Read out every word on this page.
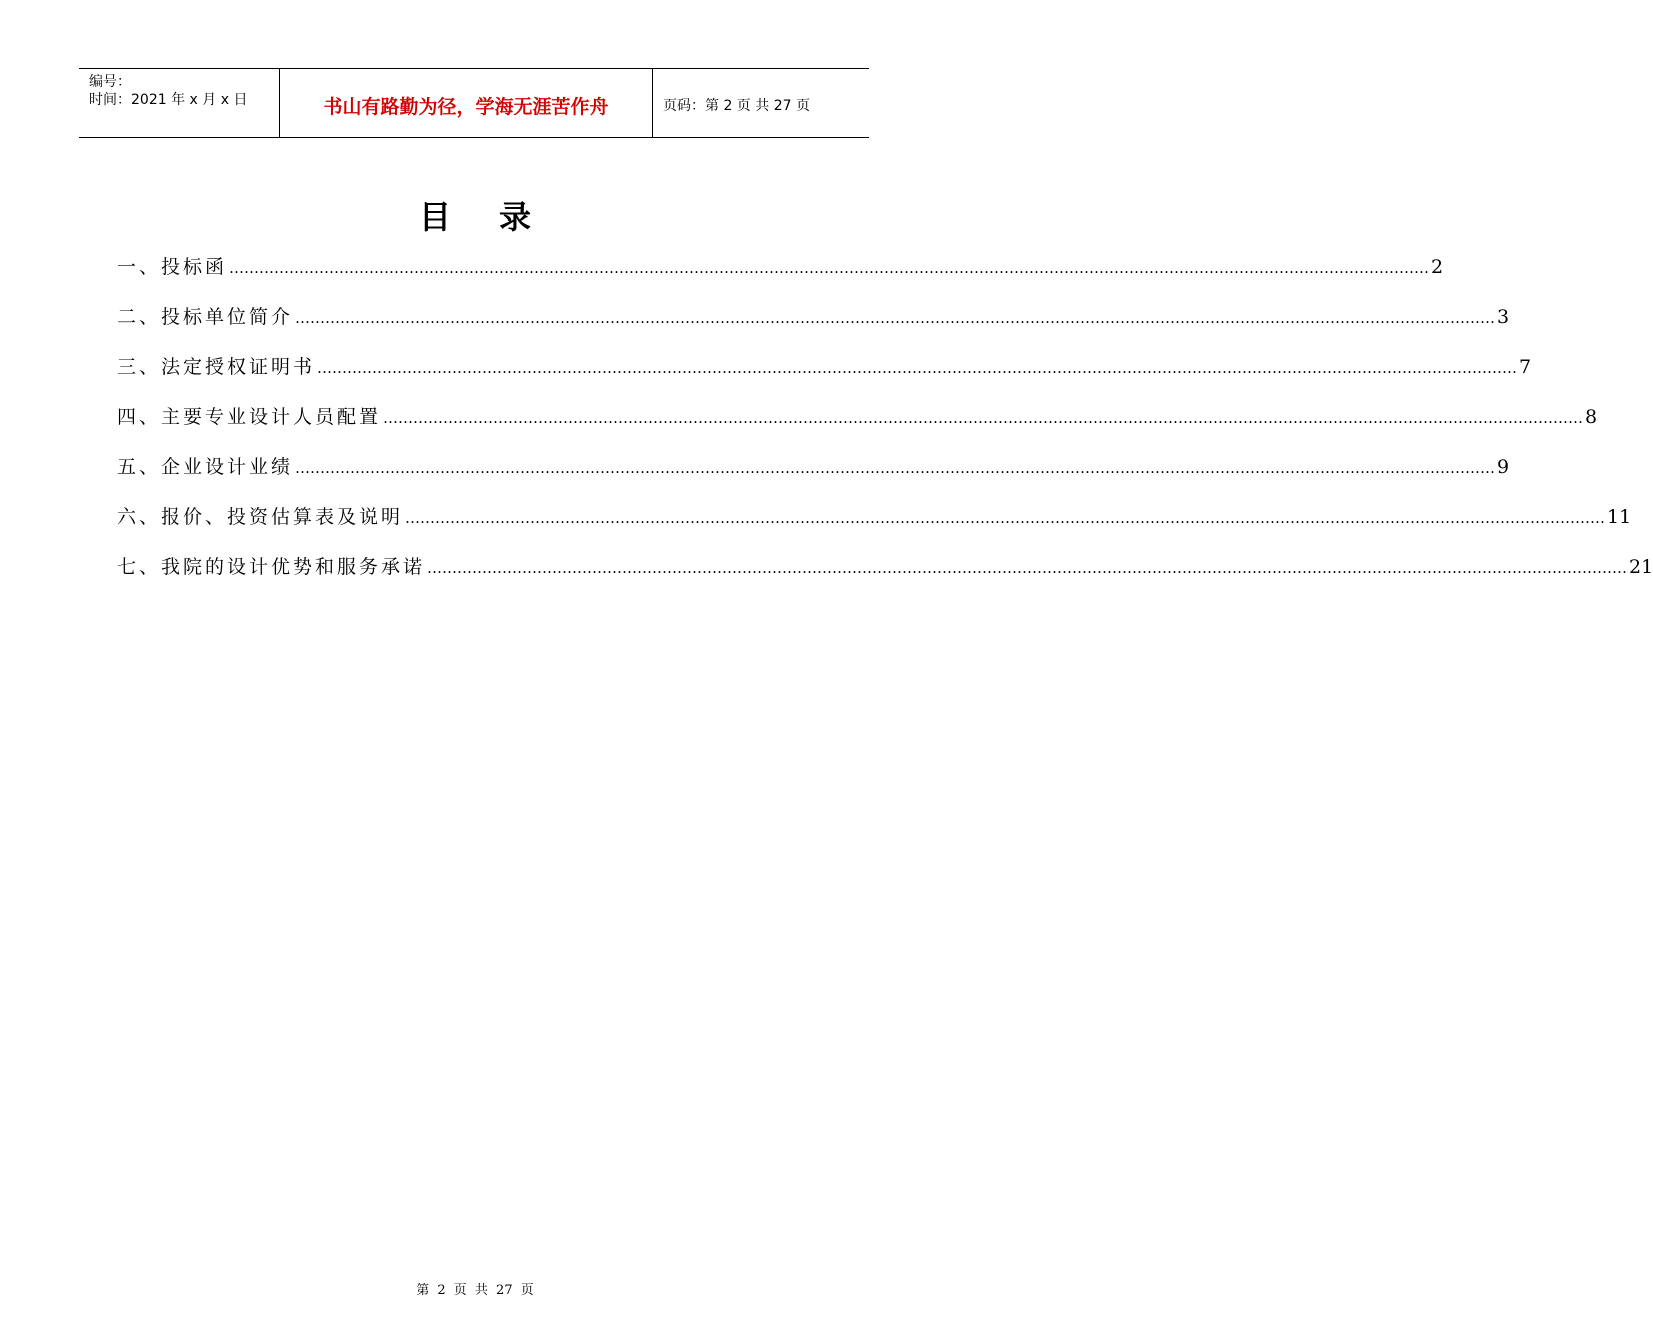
编号：
时间：2021 年 x 月 x 日	书山有路勤为径，学海无涯苦作舟	页码：第 2 页 共 27 页
目录
一、投标函 …………………………………………………………………………………………………………………………………………………………………………………………………………………… 2
二、投标单位简介 …………………………………………………………………………………………………………………………………………………………………………………………………………………… 3
三、法定授权证明书 …………………………………………………………………………………………………………………………………………………………………………………………………………………… 7
四、主要专业设计人员配置 …………………………………………………………………………………………………………………………………………………………………………………………………………………… 8
五、企业设计业绩 …………………………………………………………………………………………………………………………………………………………………………………………………………………… 9
六、报价、投资估算表及说明 …………………………………………………………………………………………………………………………………………………………………………………………………………………… 11
七、我院的设计优势和服务承诺 …………………………………………………………………………………………………………………………………………………………………………………………………………………… 21
第 2 页 共 27 页
